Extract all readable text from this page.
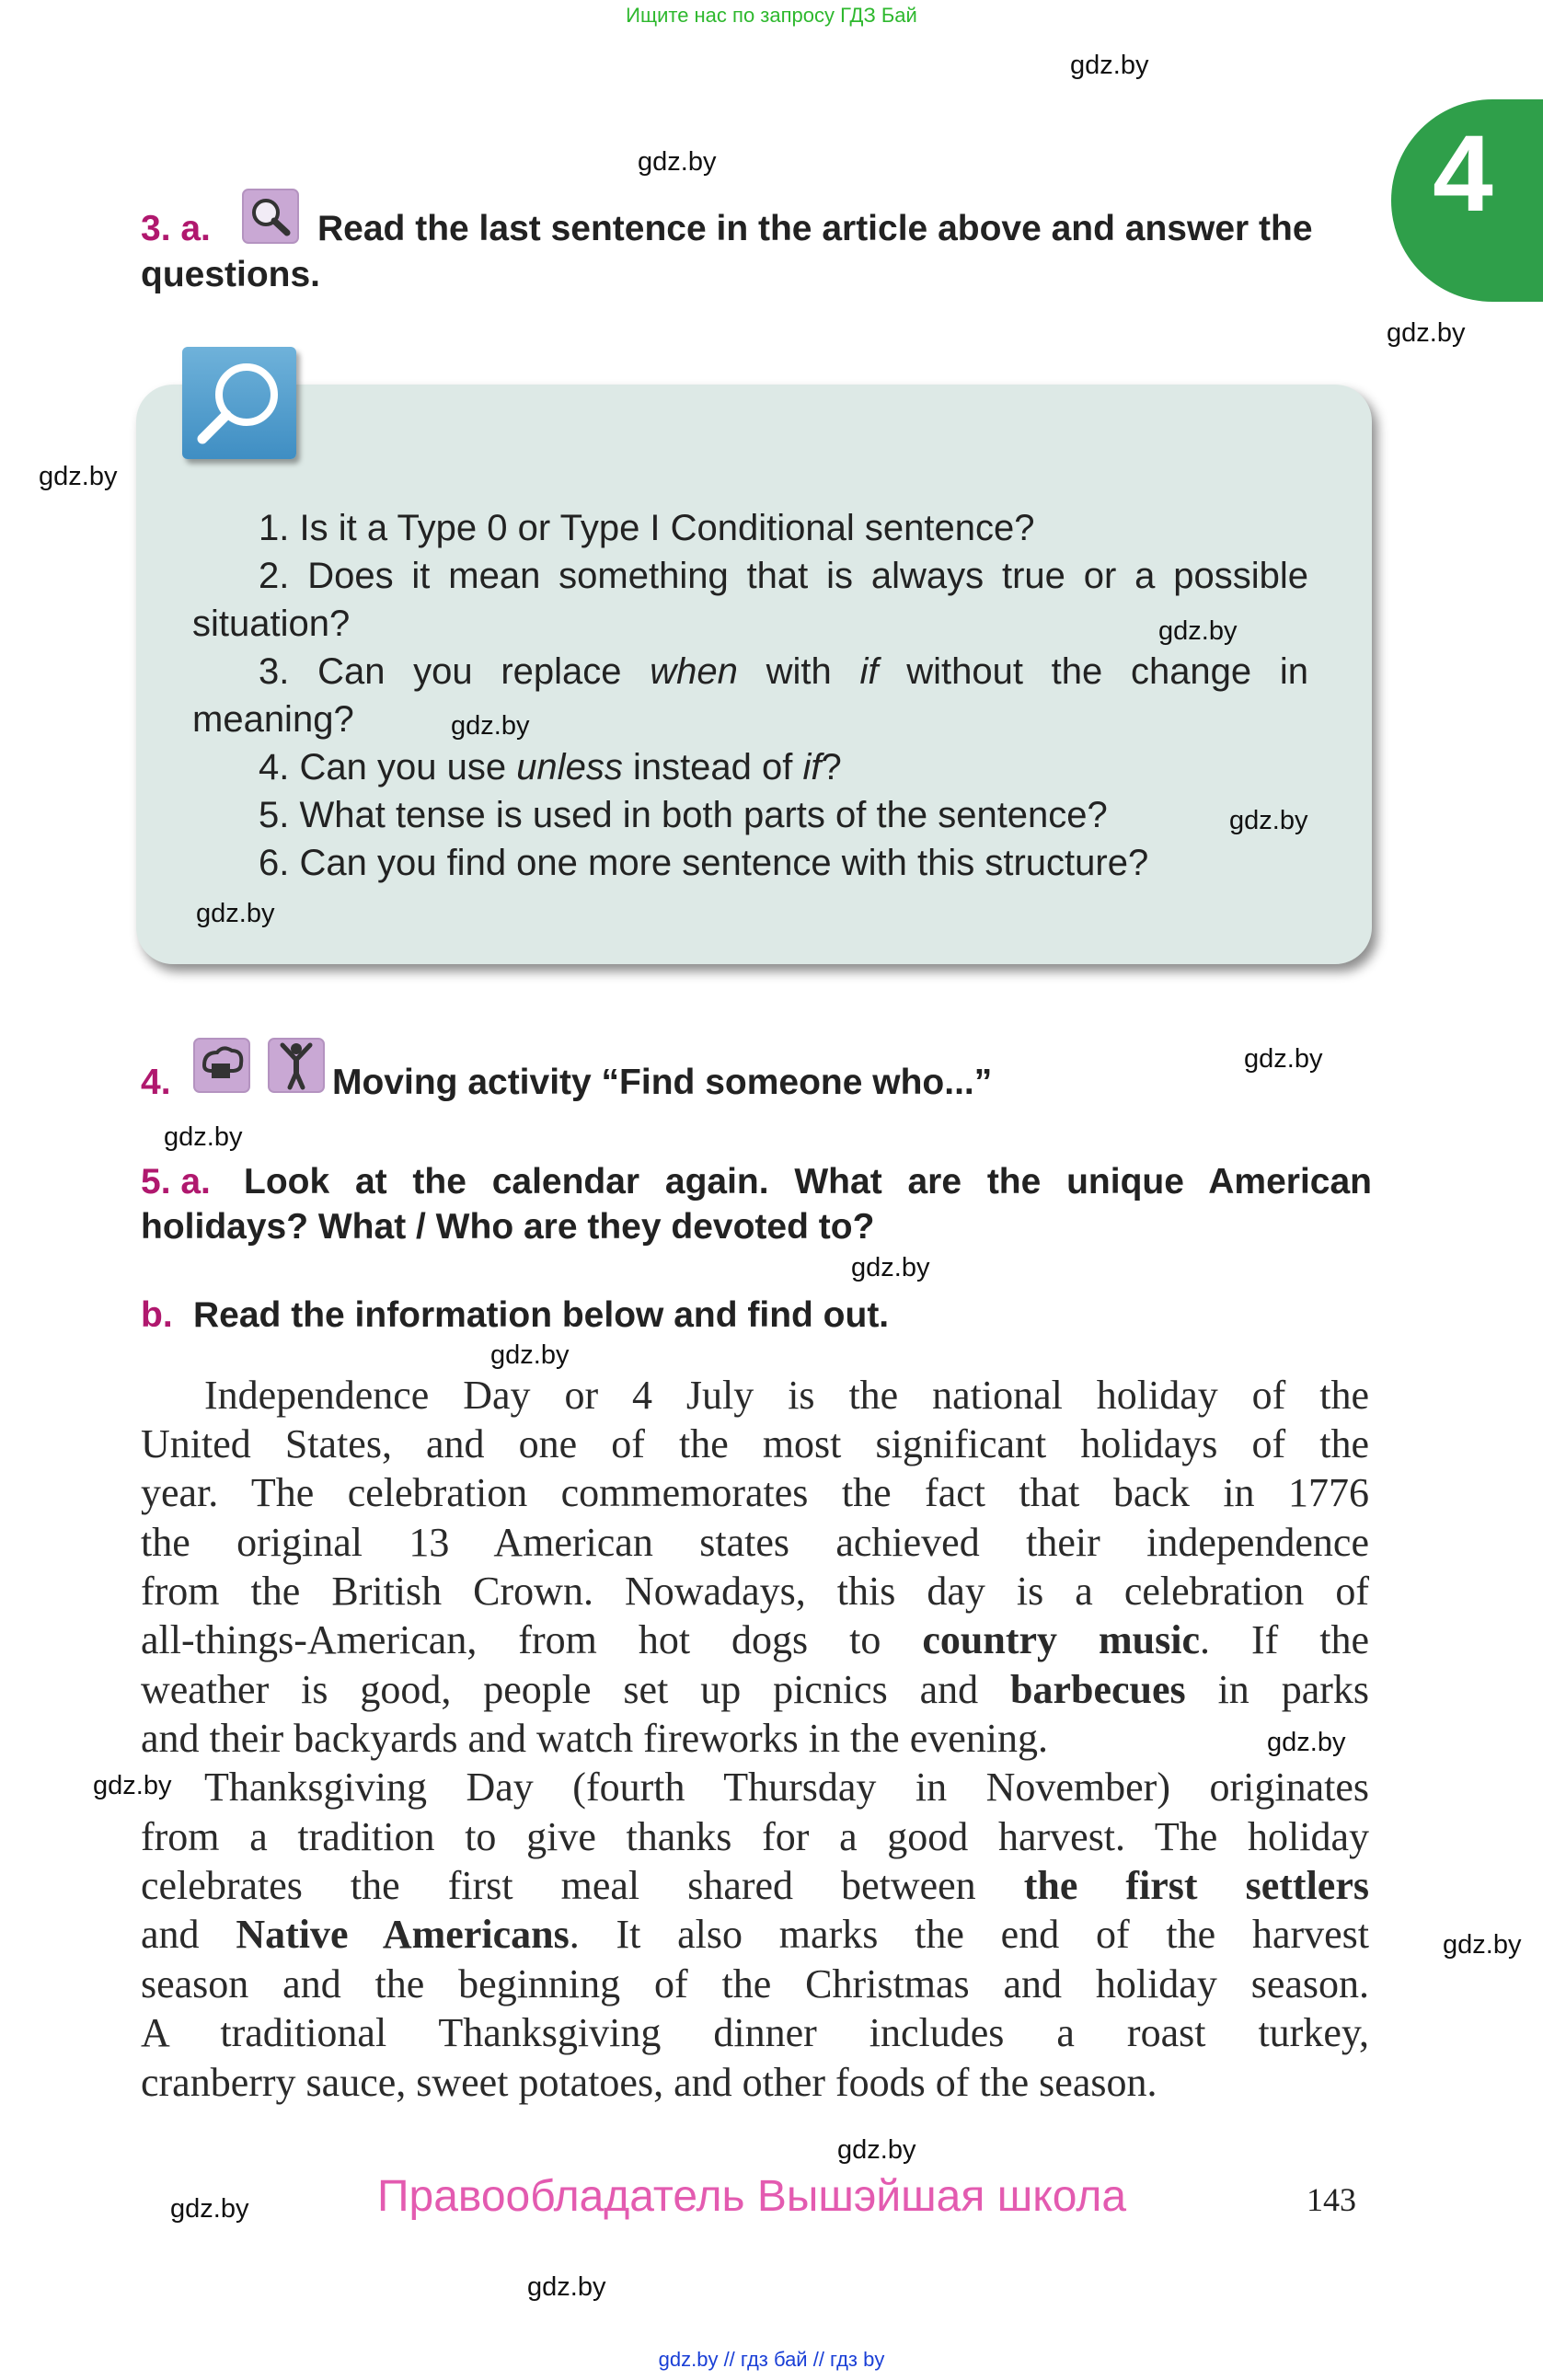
Ищите нас по запросу ГДЗ Бай
4
gdz.by
gdz.by
gdz.by
gdz.by
3. a.	Read the last sentence in the article above and answer the
questions.
1. Is it a Type 0 or Type I Conditional sentence?
2. Does it mean something that is always true or a possible
situation?	gdz.by
3. Can you replace when with if without the change in
meaning?	gdz.by
4. Can you use unless instead of if?
5. What tense is used in both parts of the sentence?	gdz.by
6. Can you find one more sentence with this structure?
gdz.by
4.	Moving activity “Find someone who...”
gdz.by
gdz.by
5. a. Look at the calendar again. What are the unique American
holidays? What / Who are they devoted to?
gdz.by
b. Read the information below and find out.
gdz.by
Independence Day or 4 July is the national holiday of the
United States, and one of the most significant holidays of the
year. The celebration commemorates the fact that back in 1776
the original 13 American states achieved their independence
from the British Crown. Nowadays, this day is a celebration of
all-things-American, from hot dogs to country music. If the
weather is good, people set up picnics and barbecues in parks
and their backyards and watch fireworks in the evening.	gdz.by
gdz.by Thanksgiving Day (fourth Thursday in November) originates
from a tradition to give thanks for a good harvest. The holiday
celebrates the first meal shared between the first settlers
and Native Americans. It also marks the end of the harvest	gdz.by
season and the beginning of the Christmas and holiday season.
A traditional Thanksgiving dinner includes a roast turkey,
cranberry sauce, sweet potatoes, and other foods of the season.
gdz.by
Правообладатель Вышэйшая школа
gdz.by	143
gdz.by
gdz.by // гдз бай // гдз by
